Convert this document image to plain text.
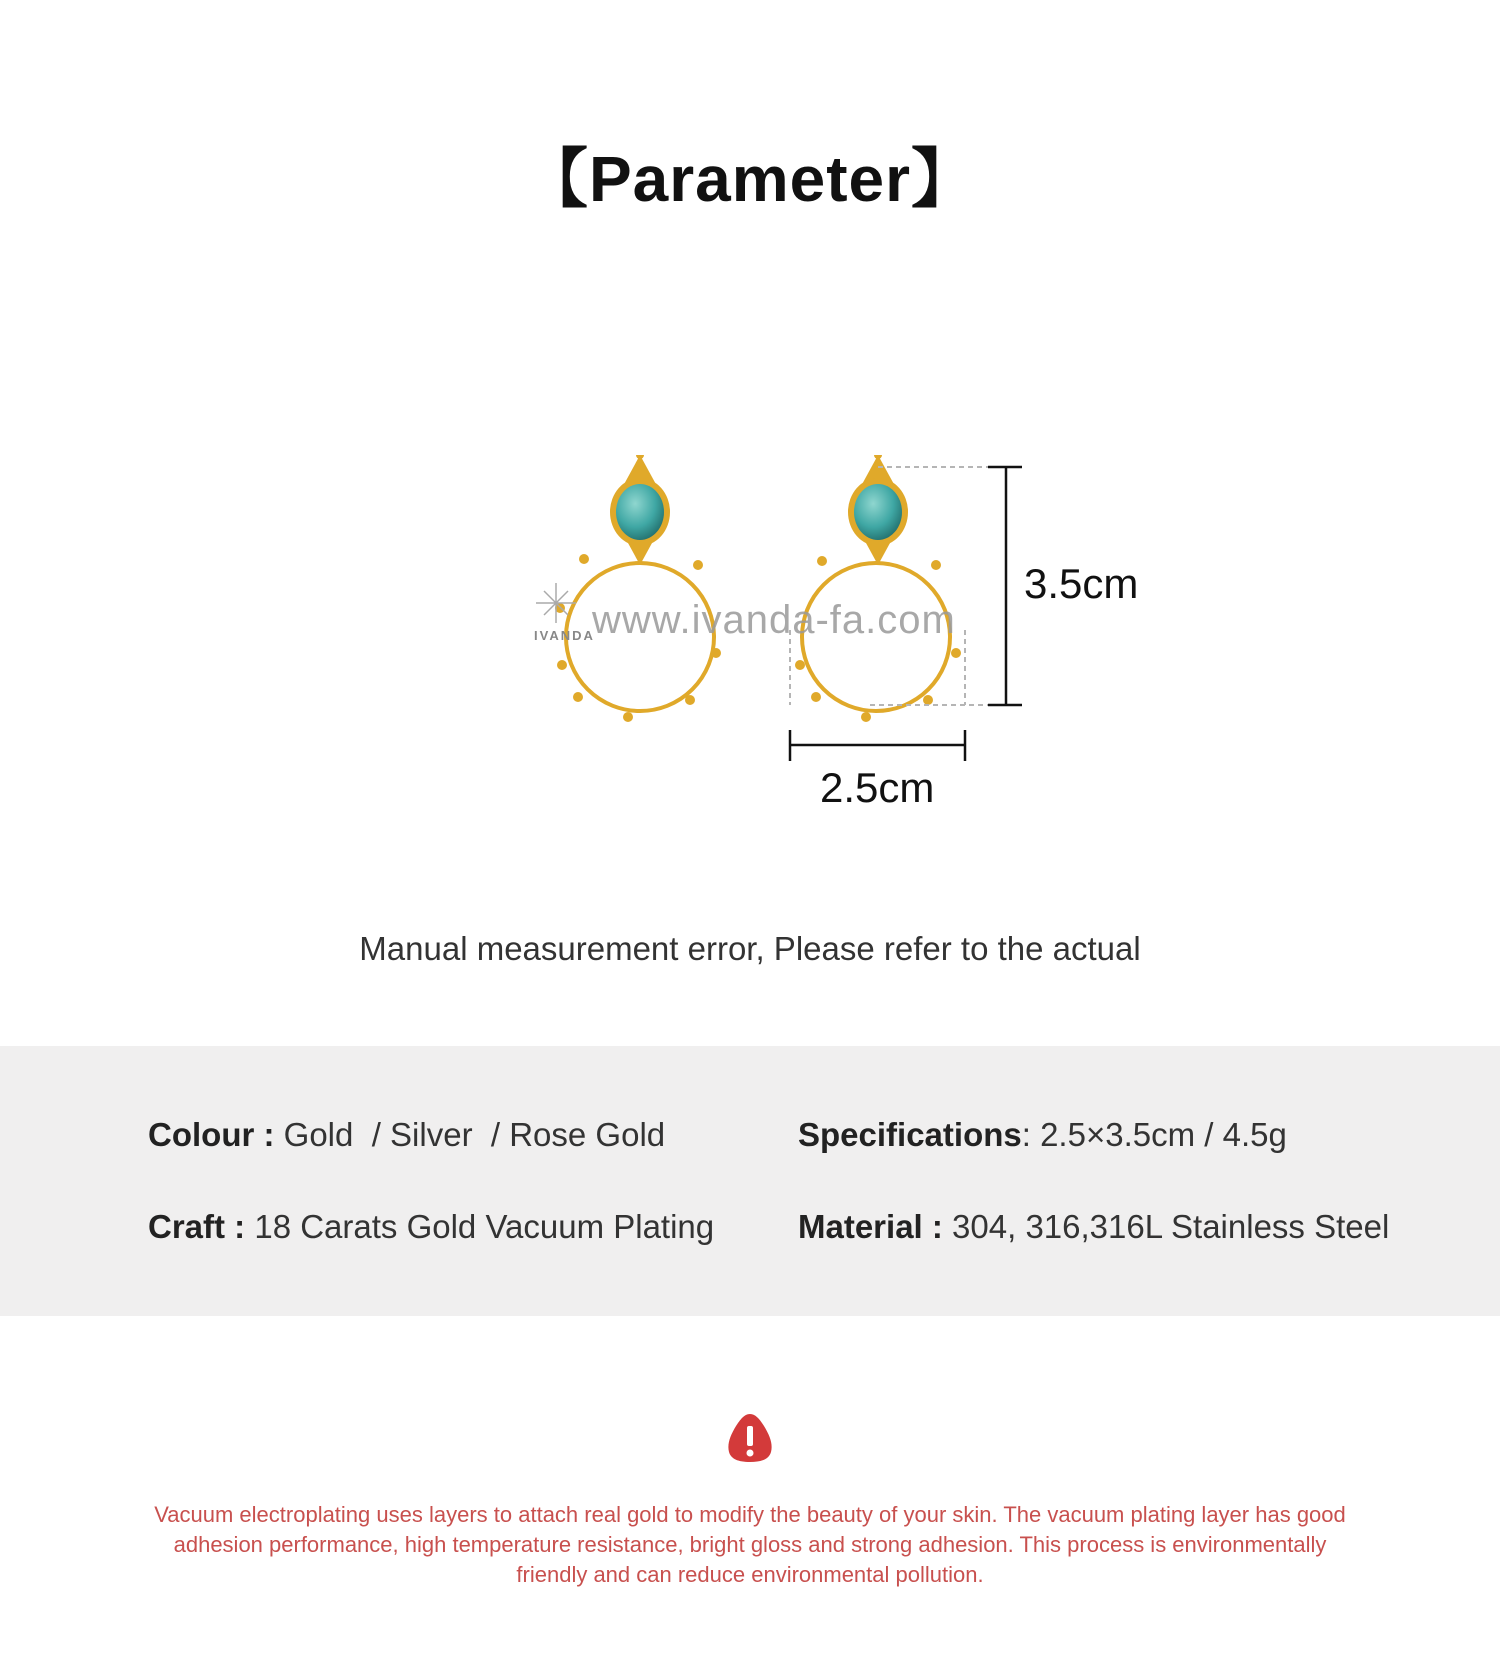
【Parameter】
www.ivanda-fa.com
IVANDA
3.5cm
2.5cm
Manual measurement error, Please refer to the actual
Colour : Gold  / Silver  / Rose Gold	Specifications: 2.5×3.5cm / 4.5g
Craft : 18 Carats Gold Vacuum Plating	Material : 304, 316,316L Stainless Steel
Vacuum electroplating uses layers to attach real gold to modify the beauty of your skin. The vacuum plating layer has good adhesion performance, high temperature resistance, bright gloss and strong adhesion. This process is environmentally friendly and can reduce environmental pollution.
